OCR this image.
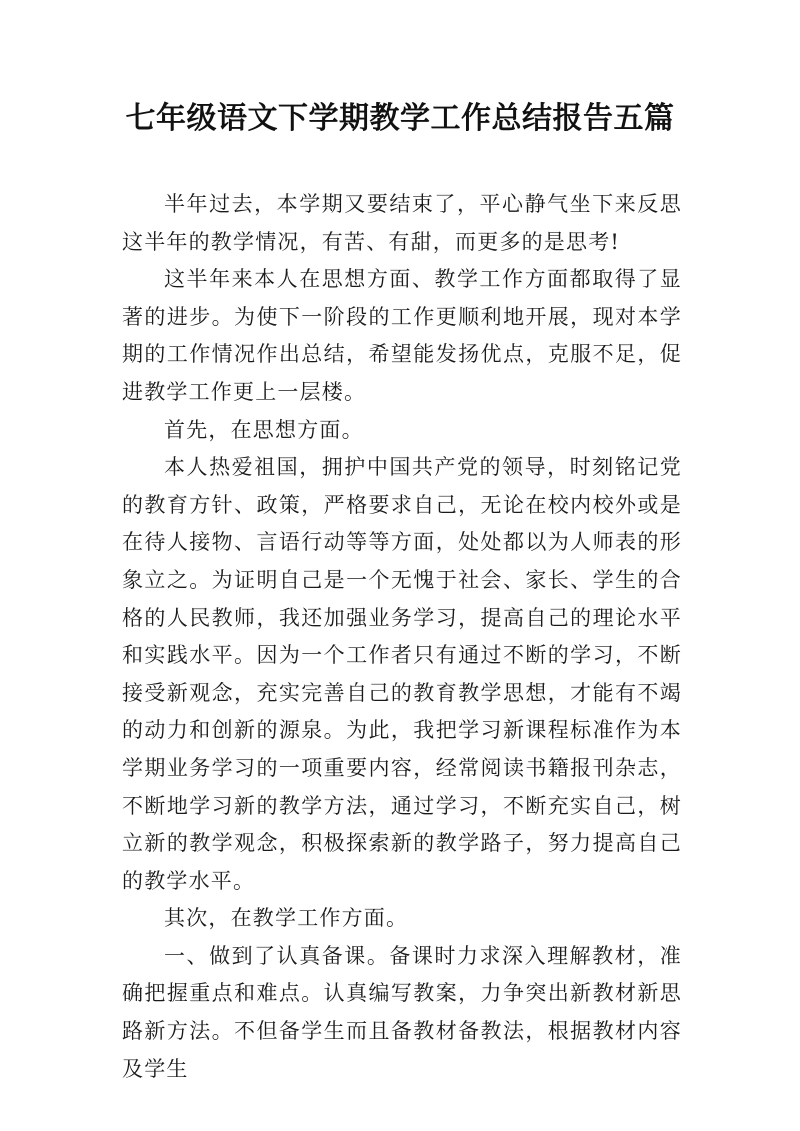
七年级语文下学期教学工作总结报告五篇

半年过去，本学期又要结束了，平心静气坐下来反思这半年的教学情况，有苦、有甜，而更多的是思考!

这半年来本人在思想方面、教学工作方面都取得了显著的进步。为使下一阶段的工作更顺利地开展，现对本学期的工作情况作出总结，希望能发扬优点，克服不足，促进教学工作更上一层楼。

首先，在思想方面。

本人热爱祖国，拥护中国共产党的领导，时刻铭记党的教育方针、政策，严格要求自己，无论在校内校外或是在待人接物、言语行动等等方面，处处都以为人师表的形象立之。为证明自己是一个无愧于社会、家长、学生的合格的人民教师，我还加强业务学习，提高自己的理论水平和实践水平。因为一个工作者只有通过不断的学习，不断接受新观念，充实完善自己的教育教学思想，才能有不竭的动力和创新的源泉。为此，我把学习新课程标准作为本学期业务学习的一项重要内容，经常阅读书籍报刊杂志，不断地学习新的教学方法，通过学习，不断充实自己，树立新的教学观念，积极探索新的教学路子，努力提高自己的教学水平。

其次，在教学工作方面。

一、做到了认真备课。备课时力求深入理解教材，准确把握重点和难点。认真编写教案，力争突出新教材新思路新方法。不但备学生而且备教材备教法，根据教材内容及学生
